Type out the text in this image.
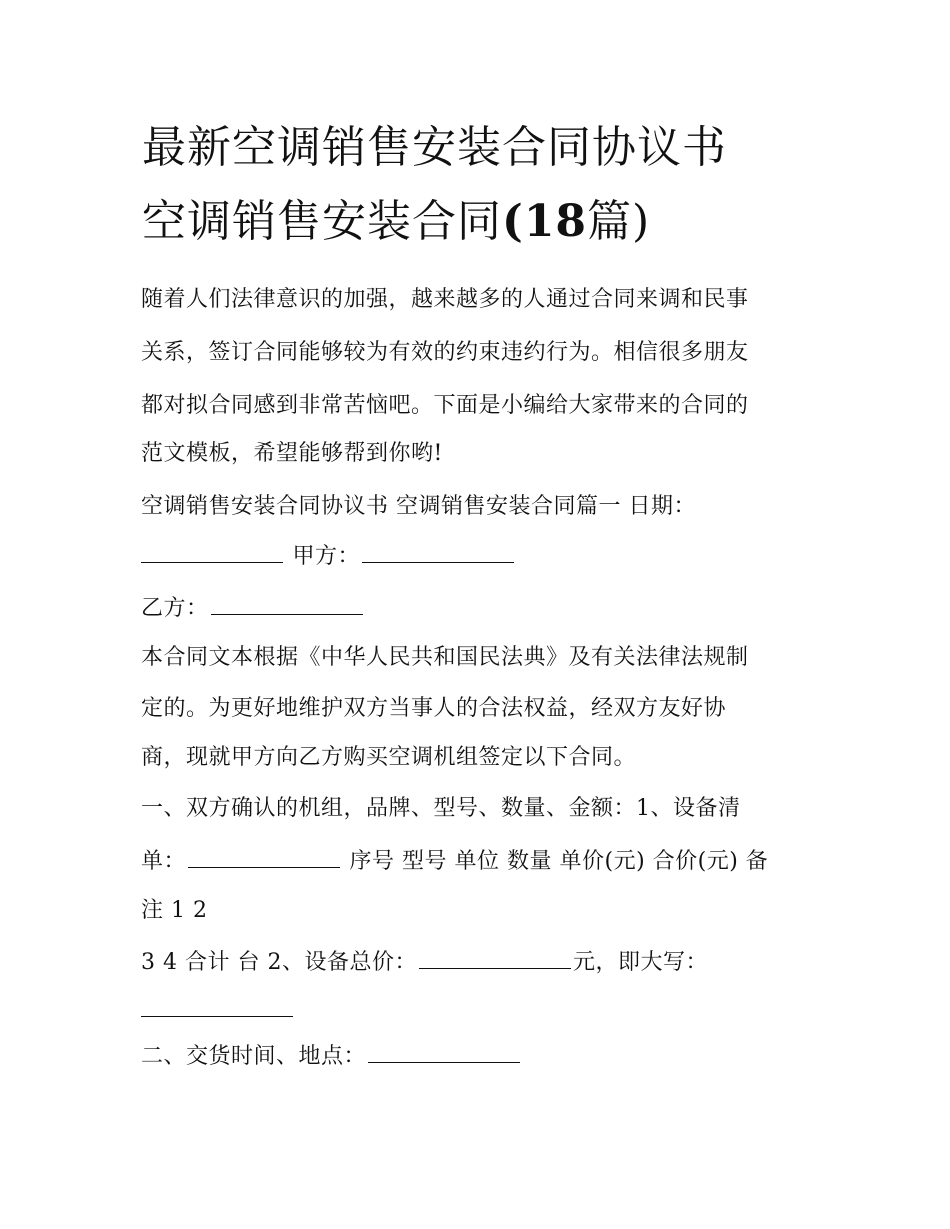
最新空调销售安装合同协议书
空调销售安装合同(18篇)

随着人们法律意识的加强，越来越多的人通过合同来调和民事

关系，签订合同能够较为有效的约束违约行为。相信很多朋友

都对拟合同感到非常苦恼吧。下面是小编给大家带来的合同的

范文模板，希望能够帮到你哟!

空调销售安装合同协议书 空调销售安装合同篇一 日期：

甲方：

乙方：

本合同文本根据《中华人民共和国民法典》及有关法律法规制

定的。为更好地维护双方当事人的合法权益，经双方友好协

商，现就甲方向乙方购买空调机组签定以下合同。

一、双方确认的机组，品牌、型号、数量、金额：1、设备清

单：	序号 型号 单位 数量 单价(元) 合价(元) 备

注 1 2

3 4 合计 台 2、设备总价：	元，即大写：

二、交货时间、地点：
